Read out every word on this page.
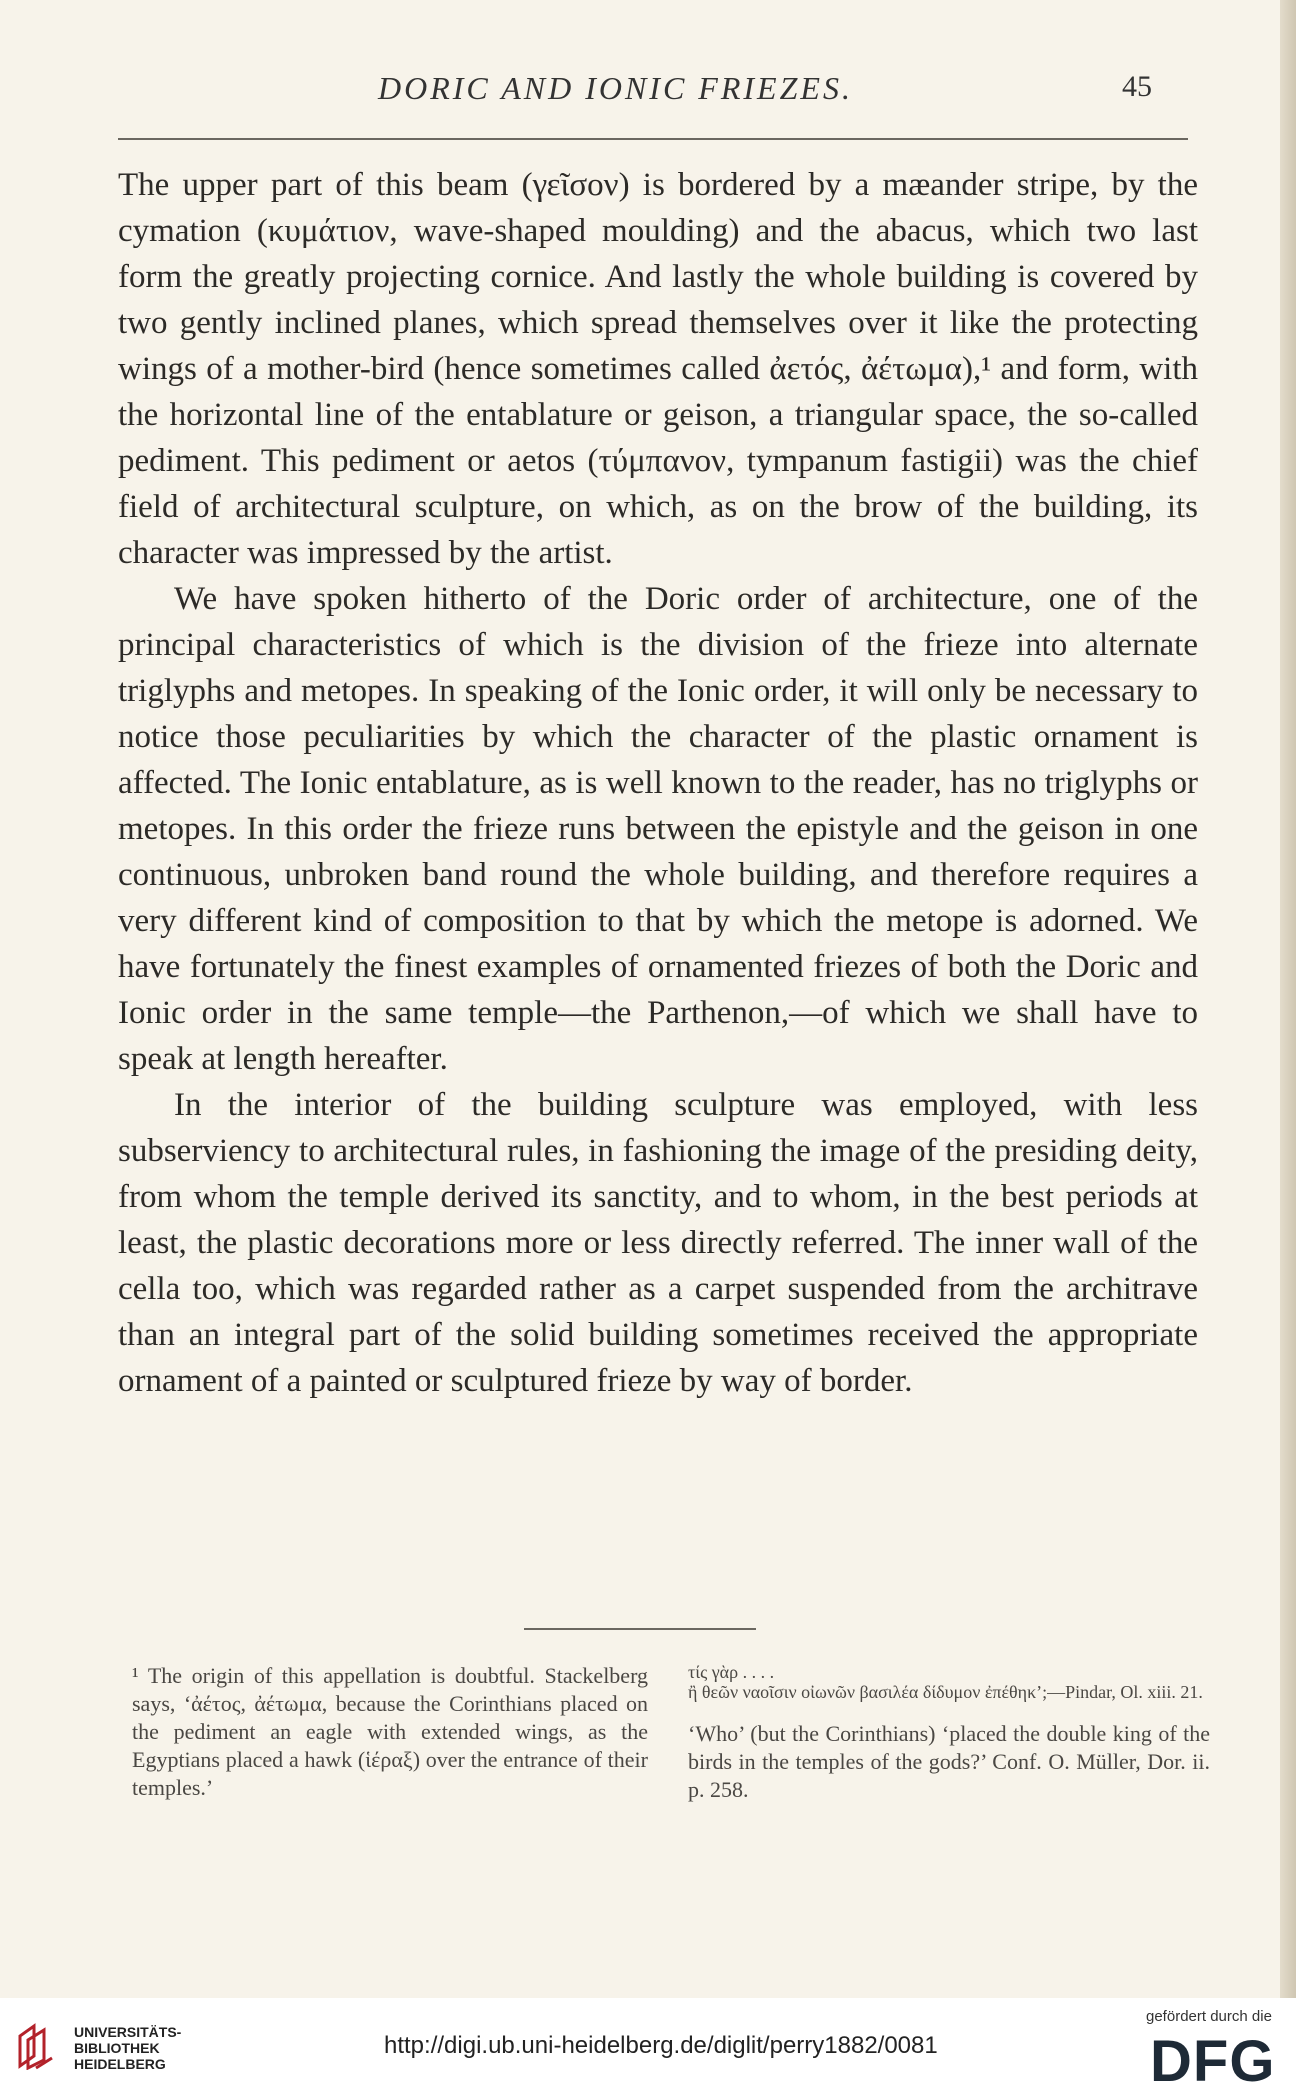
DORIC AND IONIC FRIEZES.	45

The upper part of this beam (γεῖσον) is bordered by a mæander stripe, by the cymation (κυμάτιον, wave-shaped moulding) and the abacus, which two last form the greatly projecting cornice. And lastly the whole building is covered by two gently inclined planes, which spread themselves over it like the protecting wings of a mother-bird (hence sometimes called ἀετός, ἀέτωμα),¹ and form, with the horizontal line of the entablature or geison, a triangular space, the so-called pediment. This pediment or aetos (τύμπανον, tympanum fastigii) was the chief field of architectural sculpture, on which, as on the brow of the building, its character was impressed by the artist.

We have spoken hitherto of the Doric order of architecture, one of the principal characteristics of which is the division of the frieze into alternate triglyphs and metopes. In speaking of the Ionic order, it will only be necessary to notice those peculiarities by which the character of the plastic ornament is affected. The Ionic entablature, as is well known to the reader, has no triglyphs or metopes. In this order the frieze runs between the epistyle and the geison in one continuous, unbroken band round the whole building, and therefore requires a very different kind of composition to that by which the metope is adorned. We have fortunately the finest examples of ornamented friezes of both the Doric and Ionic order in the same temple—the Parthenon,—of which we shall have to speak at length hereafter.

In the interior of the building sculpture was employed, with less subserviency to architectural rules, in fashioning the image of the presiding deity, from whom the temple derived its sanctity, and to whom, in the best periods at least, the plastic decorations more or less directly referred. The inner wall of the cella too, which was regarded rather as a carpet suspended from the architrave than an integral part of the solid building sometimes received the appropriate ornament of a painted or sculptured frieze by way of border.

¹ The origin of this appellation is doubtful. Stackelberg says, ‘ἀέτος, ἀέτωμα, because the Corinthians placed on the pediment an eagle with extended wings, as the Egyptians placed a hawk (ἱέραξ) over the entrance of their temples.’
τίς γὰρ . . . .
ἢ θεῶν ναοῖσιν οἰωνῶν βασιλέα δίδυμον ἐπέθηκ’;—Pindar, Ol. xiii. 21.
‘Who’ (but the Corinthians) ‘placed the double king of the birds in the temples of the gods?’ Conf. O. Müller, Dor. ii. p. 258.
UNIVERSITÄTS-
BIBLIOTHEK
HEIDELBERG
http://digi.ub.uni-heidelberg.de/diglit/perry1882/0081
gefördert durch die
DFG
